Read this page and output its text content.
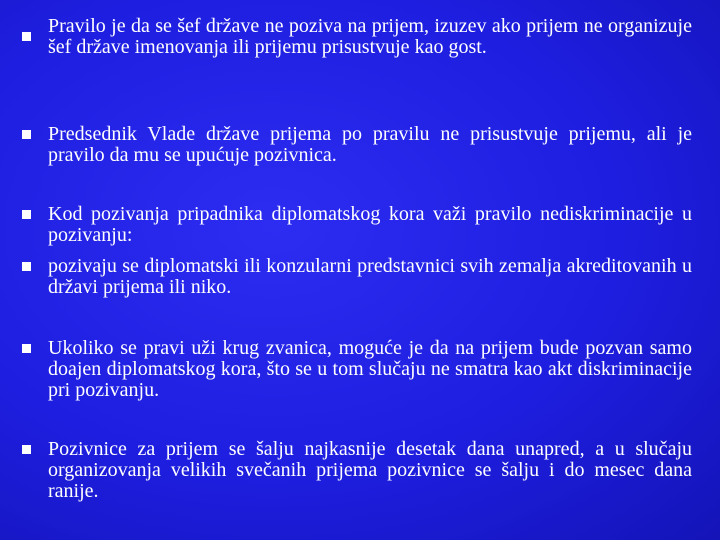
Pravilo je da se šef države ne poziva na prijem, izuzev ako prijem ne organizuje šef države imenovanja ili prijemu prisustvuje kao gost.

Predsednik Vlade države prijema po pravilu ne prisustvuje prijemu, ali je pravilo da mu se upućuje pozivnica.

Kod pozivanja pripadnika diplomatskog kora važi pravilo nediskriminacije u pozivanju:

pozivaju se diplomatski ili konzularni predstavnici svih zemalja akreditovanih u državi prijema ili niko.

Ukoliko se pravi uži krug zvanica, moguće je da na prijem bude pozvan samo doajen diplomatskog kora, što se u tom slučaju ne smatra kao akt diskriminacije pri pozivanju.

Pozivnice za prijem se šalju najkasnije desetak dana unapred, a u slučaju organizovanja velikih svečanih prijema pozivnice se šalju i do mesec dana ranije.
